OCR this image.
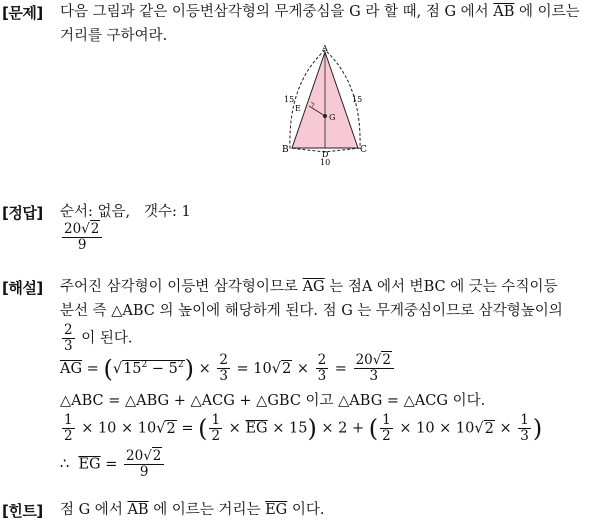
[문제] 다음 그림과 같은 이등변삼각형의 무게중심을 G 라 할 때, 점 G 에서 $\overline{AB}$ 에 이르는
거리를 구하여라.
A
B	C
D
E
G
15	15
10
[정답] 순서: 없음, 갯수: 1
$\frac{20√2}{9}$
[해설] 주어진 삼각형이 이등변 삼각형이므로 $\overline{AG}$ 는 점A 에서 변BC 에 긋는 수직이등
분선 즉 △ABC 의 높이에 해당하게 된다. 점 G 는 무게중심이므로 삼각형높이의
$\frac{2}{3}$ 이 된다.
$\overline{AG} = (√15^2 - 5^2) \times \frac{2}{3} = 10√2 \times \frac{2}{3} = \frac{20√2}{3}$
△ABC = △ABG + △ACG + △GBC 이고 △ABG = △ACG 이다.
$\frac{1}{2} \times 10 \times 10√2$ = ( $\frac{1}{2} \times \overline{EG} \times 15) \times 2$ + ( $\frac{1}{2} \times 10 \times 10√2 \times \frac{1}{3}$ )
∴ $\overline{EG} = \frac{20√2}{9}$
[힌트] 점 G 에서 $\overline{AB}$ 에 이르는 거리는 $\overline{EG}$ 이다.
